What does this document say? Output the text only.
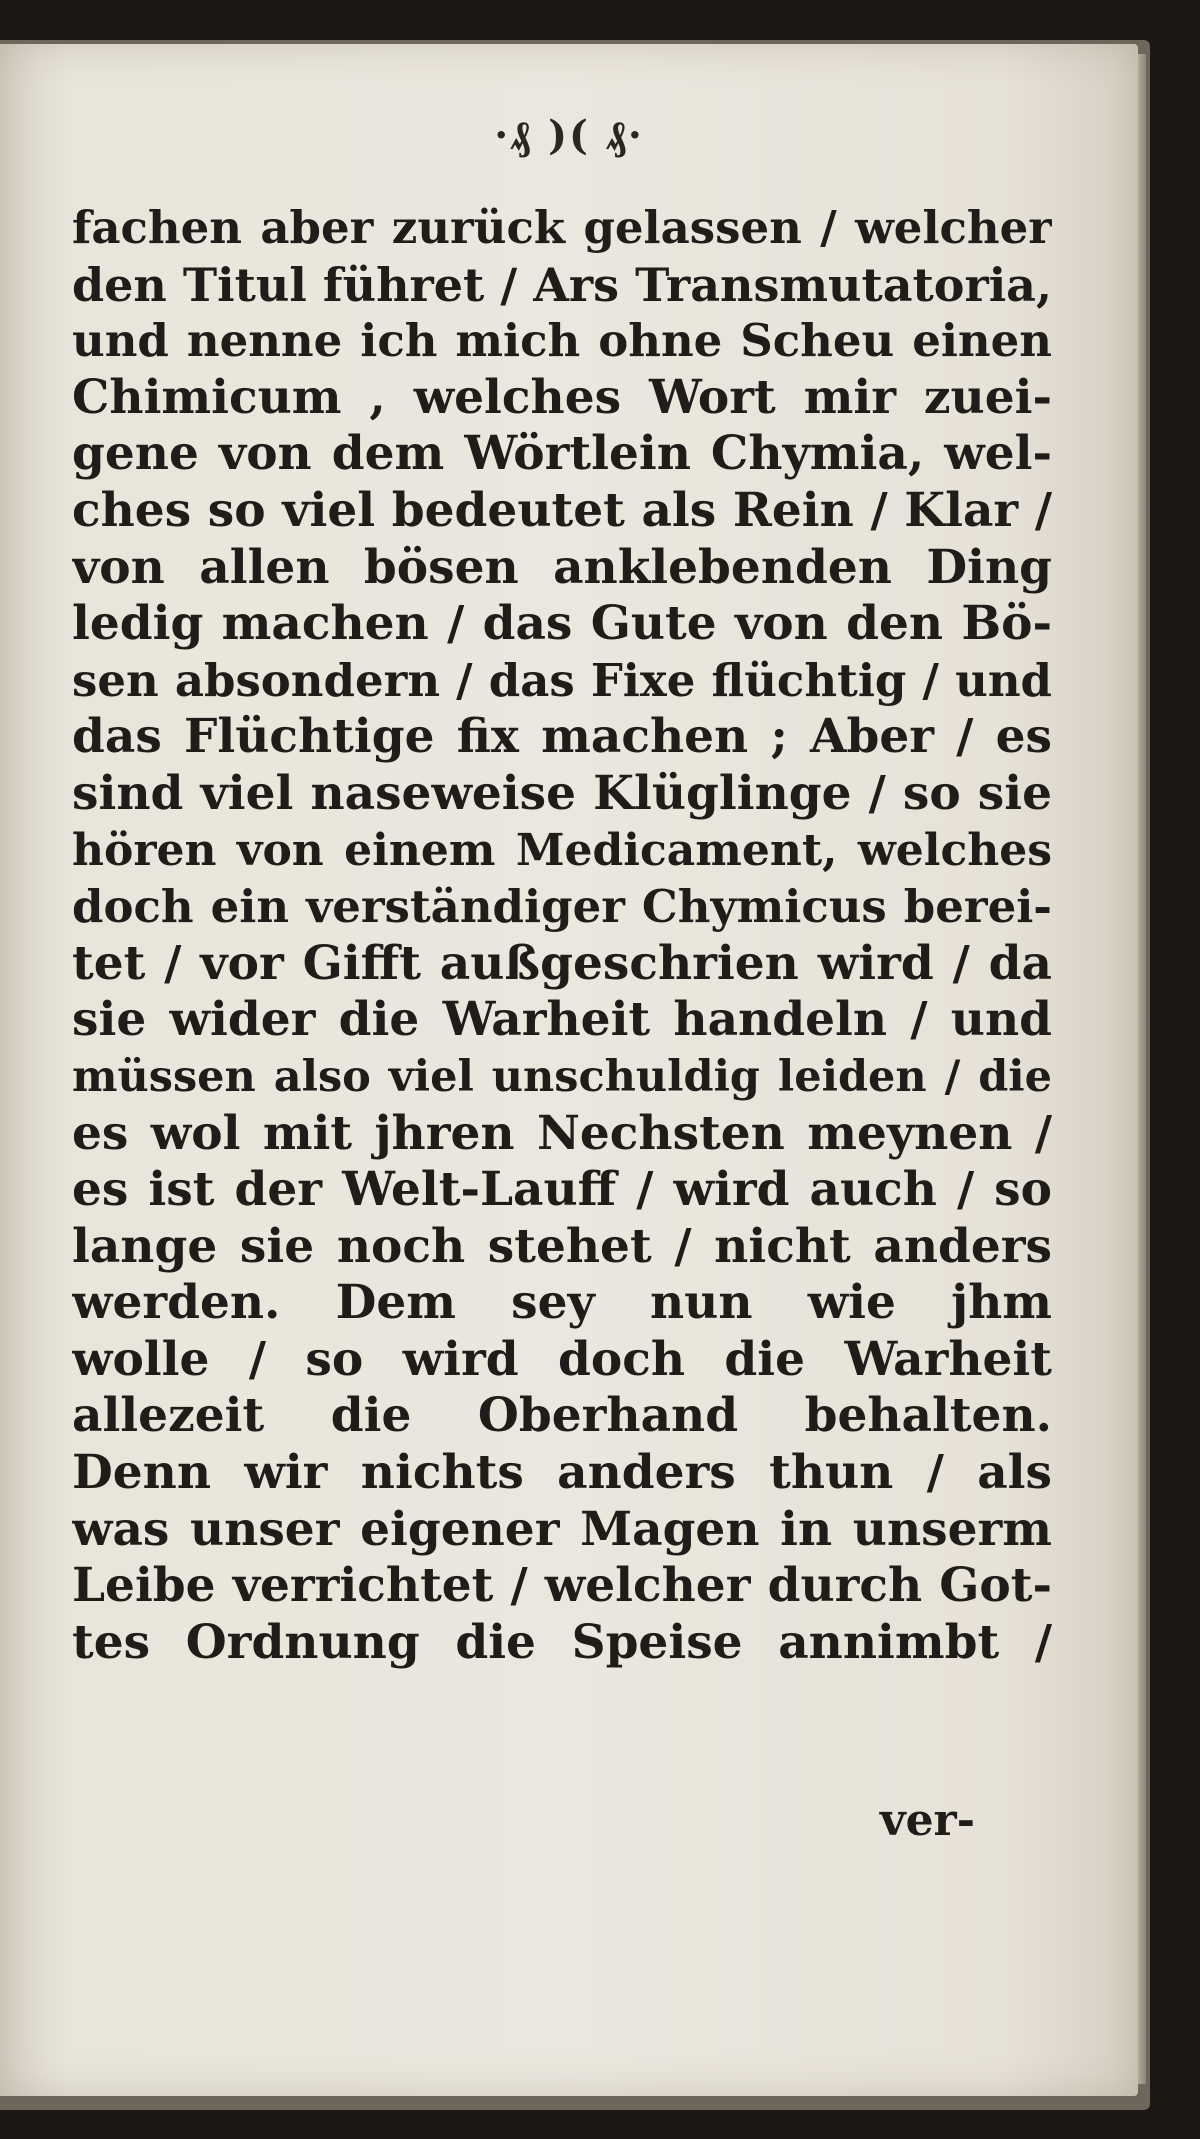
·₰ )( ₰·
fachen aber zurück gelassen / welcher
den Titul führet / Ars Transmutatoria,
und nenne ich mich ohne Scheu einen
Chimicum , welches Wort mir zuei-
gene von dem Wörtlein Chymia, wel-
ches so viel bedeutet als Rein / Klar /
von allen bösen anklebenden Ding
ledig machen / das Gute von den Bö-
sen absondern / das Fixe flüchtig / und
das Flüchtige fix machen ; Aber / es
sind viel naseweise Klüglinge / so sie
hören von einem Medicament, welches
doch ein verständiger Chymicus berei-
tet / vor Gifft außgeschrien wird / da
sie wider die Warheit handeln / und
müssen also viel unschuldig leiden / die
es wol mit jhren Nechsten meynen /
es ist der Welt-Lauff / wird auch / so
lange sie noch stehet / nicht anders
werden. Dem sey nun wie jhm
wolle / so wird doch die Warheit
allezeit die Oberhand behalten.
Denn wir nichts anders thun / als
was unser eigener Magen in unserm
Leibe verrichtet / welcher durch Got-
tes Ordnung die Speise annimbt /
ver-
